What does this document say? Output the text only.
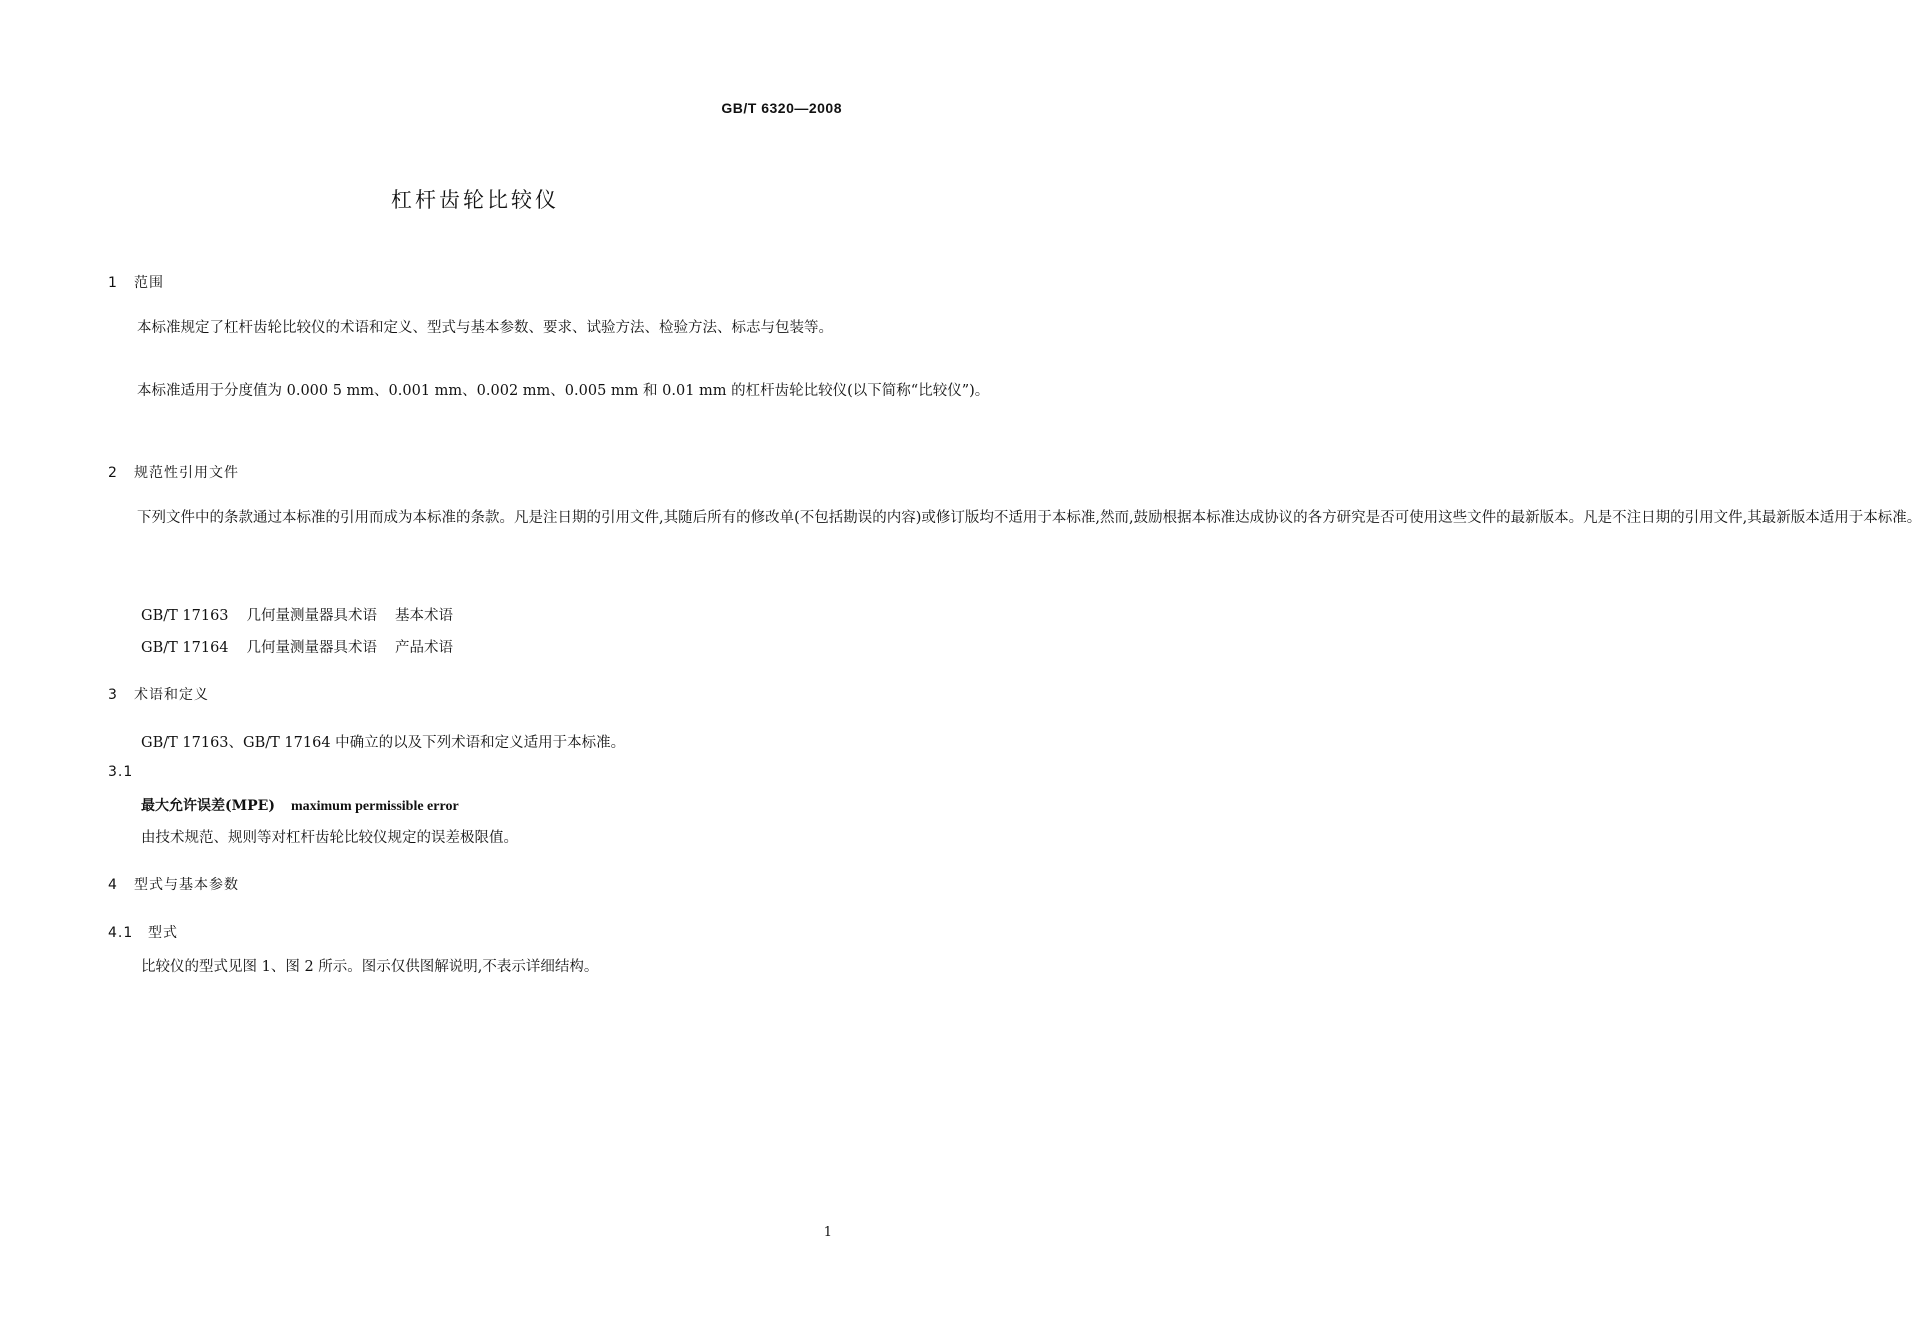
GB/T 6320—2008
杠杆齿轮比较仪
1 范围
本标准规定了杠杆齿轮比较仪的术语和定义、型式与基本参数、要求、试验方法、检验方法、标志与包装等。
本标准适用于分度值为 0.000 5 mm、0.001 mm、0.002 mm、0.005 mm 和 0.01 mm 的杠杆齿轮比较仪(以下简称“比较仪”)。
2 规范性引用文件
下列文件中的条款通过本标准的引用而成为本标准的条款。凡是注日期的引用文件,其随后所有的修改单(不包括勘误的内容)或修订版均不适用于本标准,然而,鼓励根据本标准达成协议的各方研究是否可使用这些文件的最新版本。凡是不注日期的引用文件,其最新版本适用于本标准。
GB/T 17163 几何量测量器具术语 基本术语
GB/T 17164 几何量测量器具术语 产品术语
3 术语和定义
GB/T 17163、GB/T 17164 中确立的以及下列术语和定义适用于本标准。
3.1
最大允许误差(MPE) maximum permissible error
由技术规范、规则等对杠杆齿轮比较仪规定的误差极限值。
4 型式与基本参数
4.1 型式
比较仪的型式见图 1、图 2 所示。图示仅供图解说明,不表示详细结构。
1
